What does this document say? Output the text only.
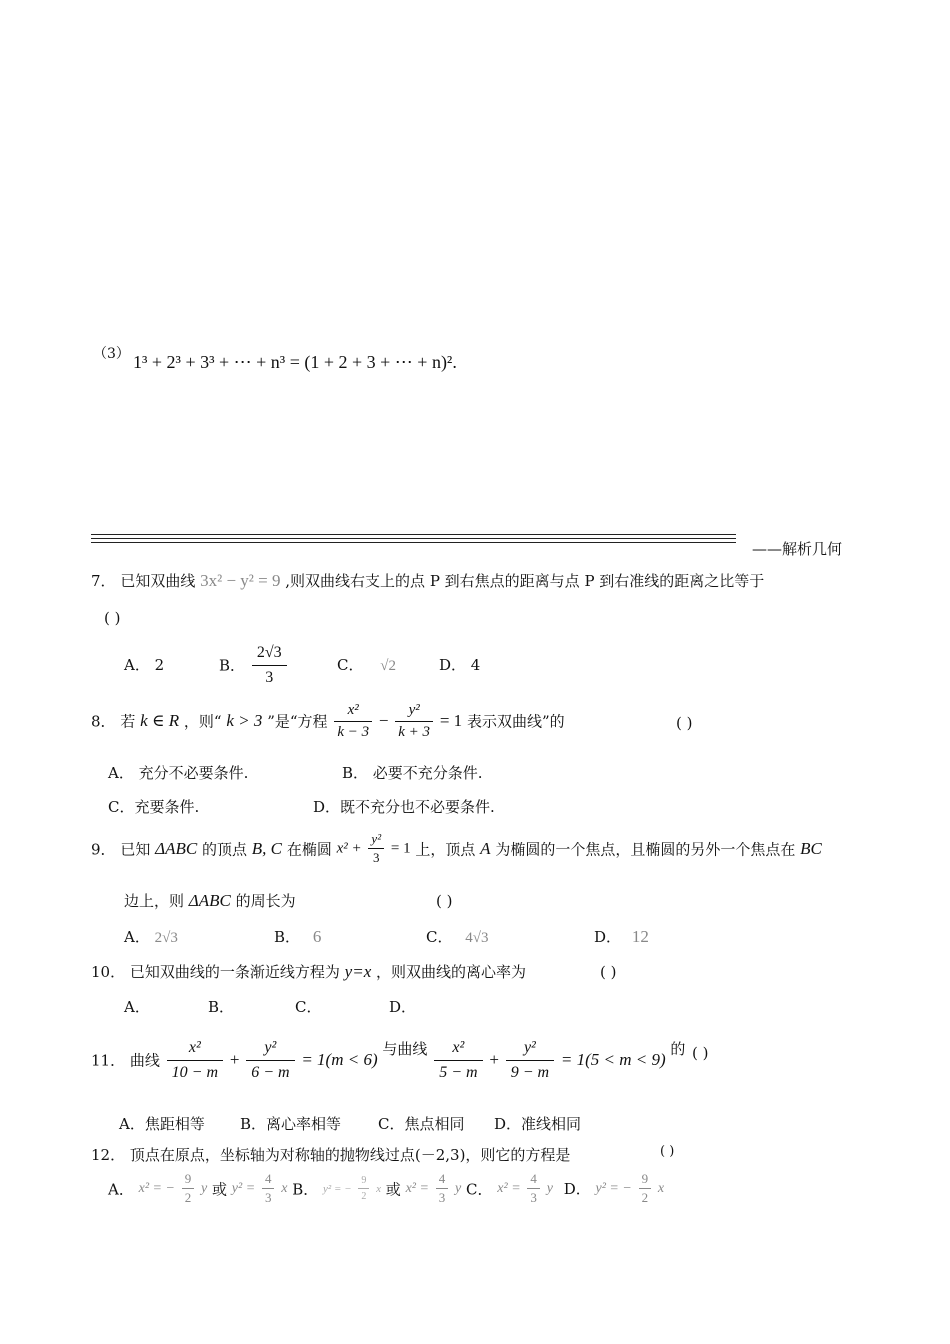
（3） 1³ + 2³ + 3³ + ⋯ + n³ = (1 + 2 + 3 + ⋯ + n)².
——解析几何
7． 已知双曲线 3x² − y² = 9 ,则双曲线右支上的点 P 到右焦点的距离与点 P 到右准线的距离之比等于
( )
A． 2	B． $\frac{2√3}{3}$	C． √2	D． 4
8． 若 k ∈ R ，则“ k > 3 ”是“方程 $\frac{\text{x²}}{k - 3} - \frac{\text{y²}}{k + 3} = 1$ 表示双曲线”的	( )
A． 充分不必要条件.	B． 必要不充分条件.
C．充要条件.	D．既不充分也不必要条件.
9． 已知 ΔABC 的顶点 B, C 在椭圆 $x^2 + \frac{\text{y²}}{3} = 1$ 上，顶点 A 为椭圆的一个焦点，且椭圆的另外一个焦点在 BC
边上，则 ΔABC 的周长为	( )
A． 2√3	B． 6	C． 4√3	D． 12
10． 已知双曲线的一条渐近线方程为 y=x ，则双曲线的离心率为	( )
A．	B．	C．	D．
11． 曲线 $\frac{\text{x²}}{10 - m} + \frac{\text{y²}}{6 - m} = 1(m < 6)$ 与曲线 $\frac{\text{x²}}{5 - m} + \frac{\text{y²}}{9 - m} = 1(5 < m < 9)$ 的 ( )
A．焦距相等 B．离心率相等 C．焦点相同 D．准线相同
12． 顶点在原点，坐标轴为对称轴的抛物线过点(－2,3)，则它的方程是	( )
A． x² = − $\frac{9}{2}$ y 或 $y^2 = \frac{4}{3}$ x B． y² = − $\frac{9}{2}$ x 或 $x^2 = \frac{4}{3}$ y C． $x^2 = \frac{4}{3}$ y D． y² = − $\frac{9}{2}$ x
